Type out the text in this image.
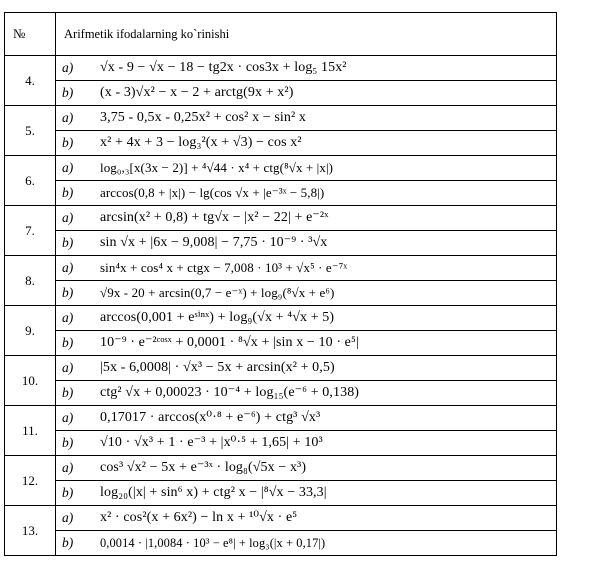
№	Arifmetik ifodalarning ko`rinishi
4.	a) √x - 9 − √x − 18 − tg2x · cos3x + log₅ 15x²
b) (x - 3)√x² − x − 2 + arctg(9x + x²)

5.	a) 3,75 - 0,5x - 0,25x² + cos² x − sin² x
b) x² + 4x + 3 − log₃²(x + √3) − cos x²

6.	a) log₀,₃[x(3x − 2)] + ⁴√44 · x⁴ + ctg(⁸√x + |x|)
b) arccos(0,8 + |x|) − lg(cos √x + |e⁻³ˣ − 5,8|)

7.	a) arcsin(x² + 0,8) + tg√x − |x² − 22| + e⁻²ˣ
b) sin √x + |6x − 9,008| − 7,75 · 10⁻⁹ · ³√x

8.	a) sin⁴x + cos⁴ x + ctgx − 7,008 · 10³ + √x⁵ · e⁻⁷ˣ
b) √9x - 20 + arcsin(0,7 − e⁻ˣ) + log₉(⁸√x + e⁶)

9.	a) arccos(0,001 + eˢⁱⁿˣ) + log₉(√x + ⁴√x + 5)
b) 10⁻⁹ · e⁻²ᶜᵒˢˣ + 0,0001 · ⁸√x + |sin x − 10 · e⁵|

10.	a) |5x - 6,0008| · √x³ − 5x + arcsin(x² + 0,5)
b) ctg² √x + 0,00023 · 10⁻⁴ + log₁₅(e⁻⁶ + 0,138)

11.	a) 0,17017 · arccos(x⁰·⁸ + e⁻⁶) + ctg³ √x³
b) √10 · √x³ + 1 · e⁻³ + |x⁰·⁵ + 1,65| + 10³

12.	a) cos³ √x² − 5x + e⁻³ˣ · log₈(√5x − x³)
b) log₂₀(|x| + sin⁶ x) + ctg² x − |⁸√x − 33,3|

13.	a) x² · cos²(x + 6x²) − ln x + ¹⁰√x · e⁵
b) 0,0014 · |1,0084 · 10³ − e⁸| + log₃(|x + 0,17|)
